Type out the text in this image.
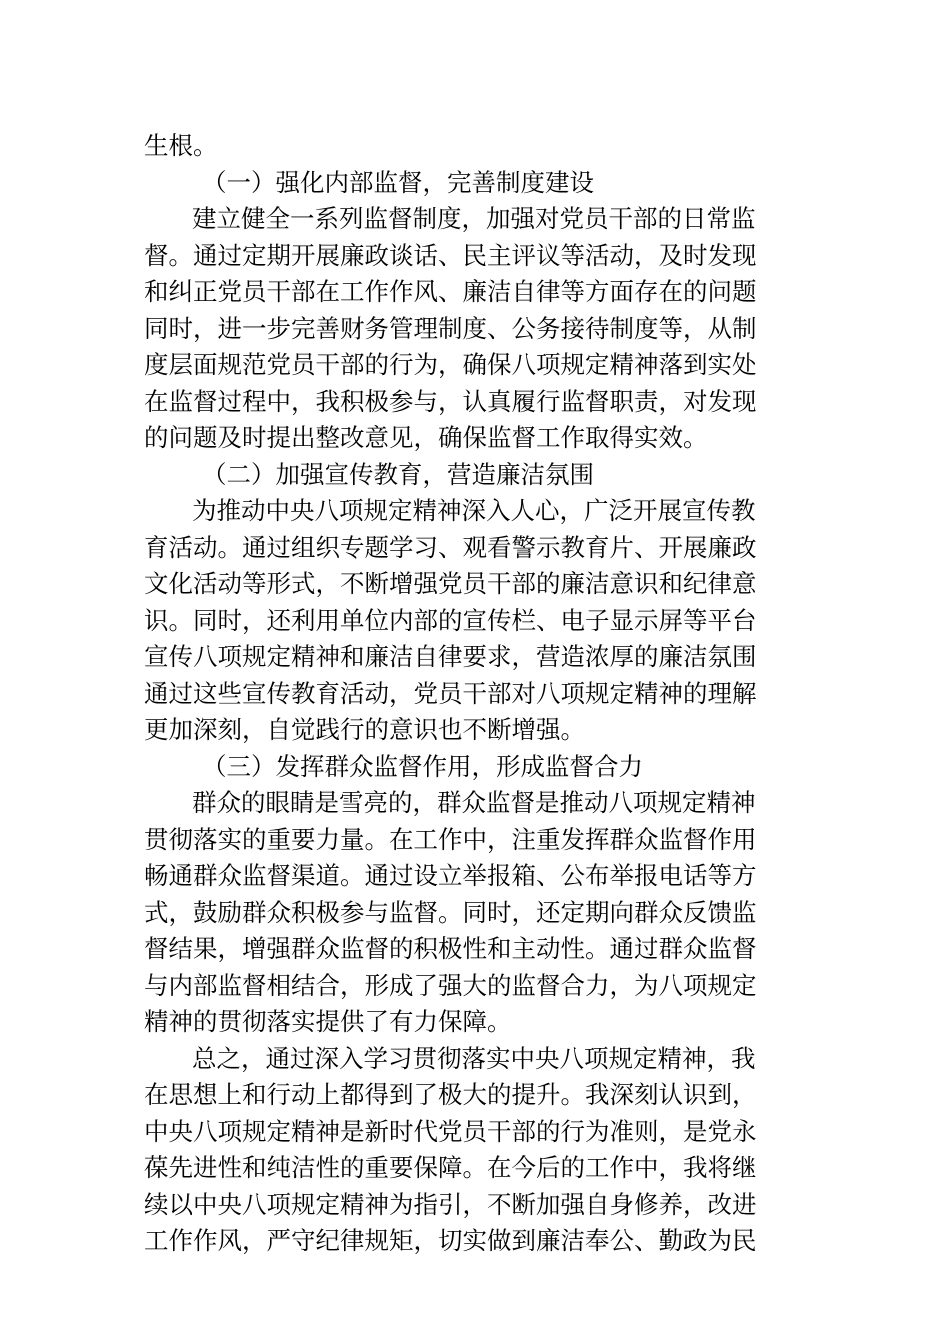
生根。
（一）强化内部监督，完善制度建设
建立健全一系列监督制度，加强对党员干部的日常监
督。通过定期开展廉政谈话、民主评议等活动，及时发现
和纠正党员干部在工作作风、廉洁自律等方面存在的问题
同时，进一步完善财务管理制度、公务接待制度等，从制
度层面规范党员干部的行为，确保八项规定精神落到实处
在监督过程中，我积极参与，认真履行监督职责，对发现
的问题及时提出整改意见，确保监督工作取得实效。
（二）加强宣传教育，营造廉洁氛围
为推动中央八项规定精神深入人心，广泛开展宣传教
育活动。通过组织专题学习、观看警示教育片、开展廉政
文化活动等形式，不断增强党员干部的廉洁意识和纪律意
识。同时，还利用单位内部的宣传栏、电子显示屏等平台
宣传八项规定精神和廉洁自律要求，营造浓厚的廉洁氛围
通过这些宣传教育活动，党员干部对八项规定精神的理解
更加深刻，自觉践行的意识也不断增强。
（三）发挥群众监督作用，形成监督合力
群众的眼睛是雪亮的，群众监督是推动八项规定精神
贯彻落实的重要力量。在工作中，注重发挥群众监督作用
畅通群众监督渠道。通过设立举报箱、公布举报电话等方
式，鼓励群众积极参与监督。同时，还定期向群众反馈监
督结果，增强群众监督的积极性和主动性。通过群众监督
与内部监督相结合，形成了强大的监督合力，为八项规定
精神的贯彻落实提供了有力保障。
总之，通过深入学习贯彻落实中央八项规定精神，我
在思想上和行动上都得到了极大的提升。我深刻认识到，
中央八项规定精神是新时代党员干部的行为准则，是党永
葆先进性和纯洁性的重要保障。在今后的工作中，我将继
续以中央八项规定精神为指引，不断加强自身修养，改进
工作作风，严守纪律规矩，切实做到廉洁奉公、勤政为民
